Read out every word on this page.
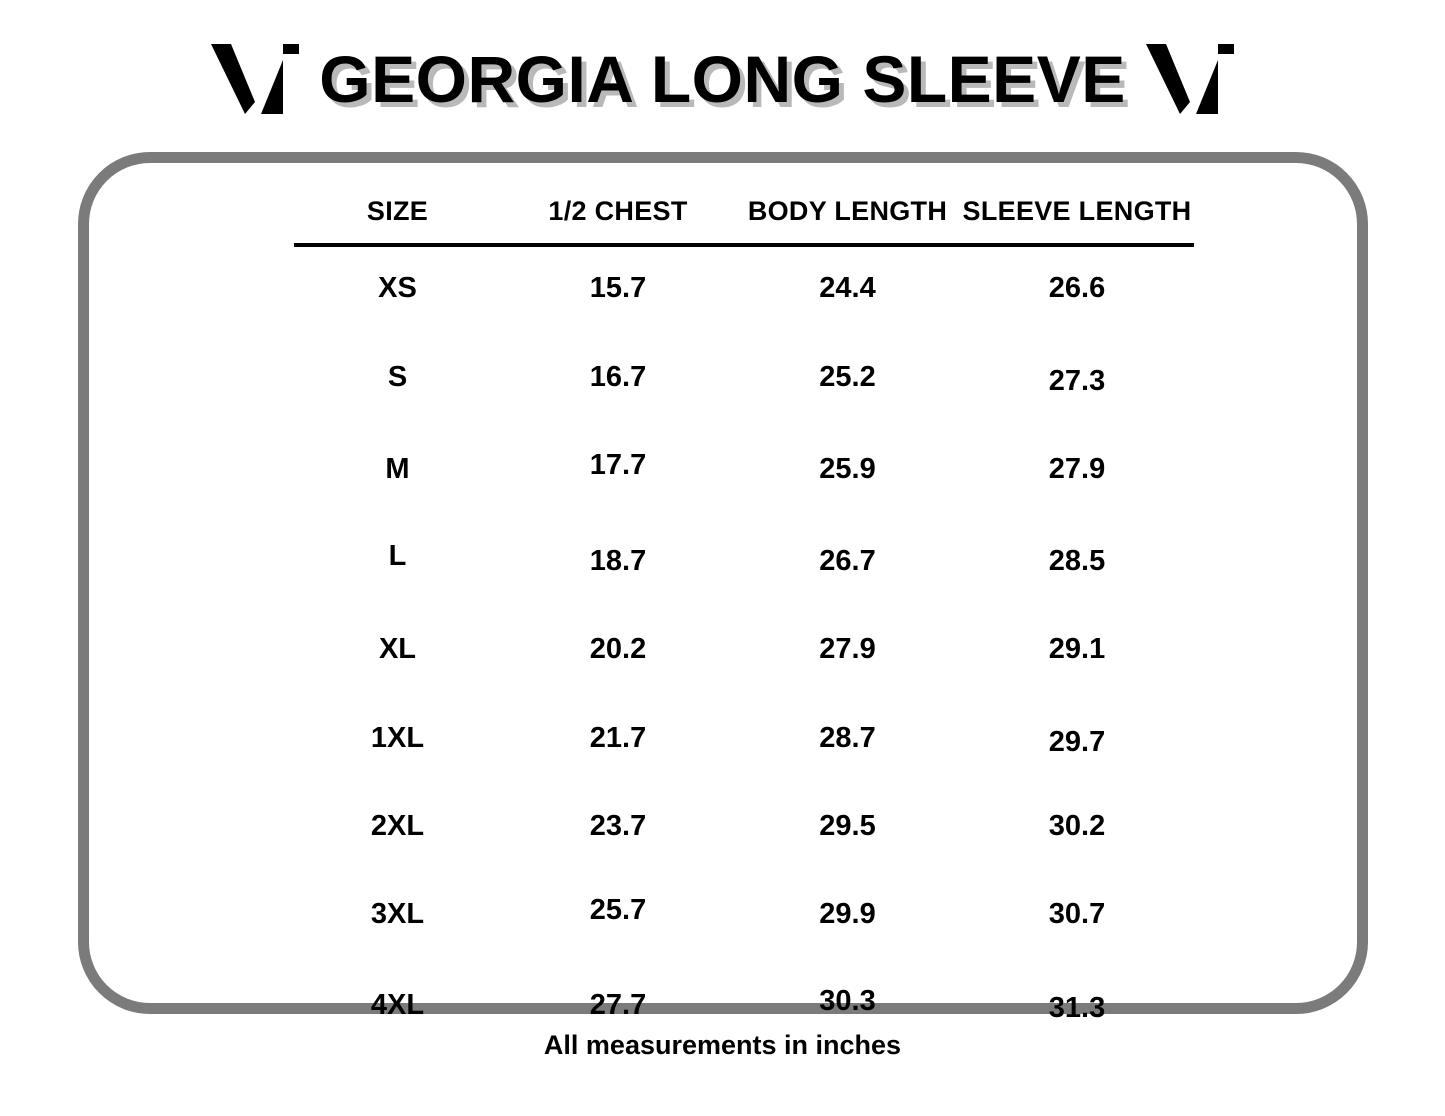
GEORGIA LONG SLEEVE
SIZE	1/2 CHEST	BODY LENGTH	SLEEVE LENGTH
XS	15.7	24.4	26.6
S	16.7	25.2	27.3
M	17.7	25.9	27.9
L	18.7	26.7	28.5
XL	20.2	27.9	29.1
1XL	21.7	28.7	29.7
2XL	23.7	29.5	30.2
3XL	25.7	29.9	30.7
4XL	27.7	30.3	31.3
All measurements in inches
